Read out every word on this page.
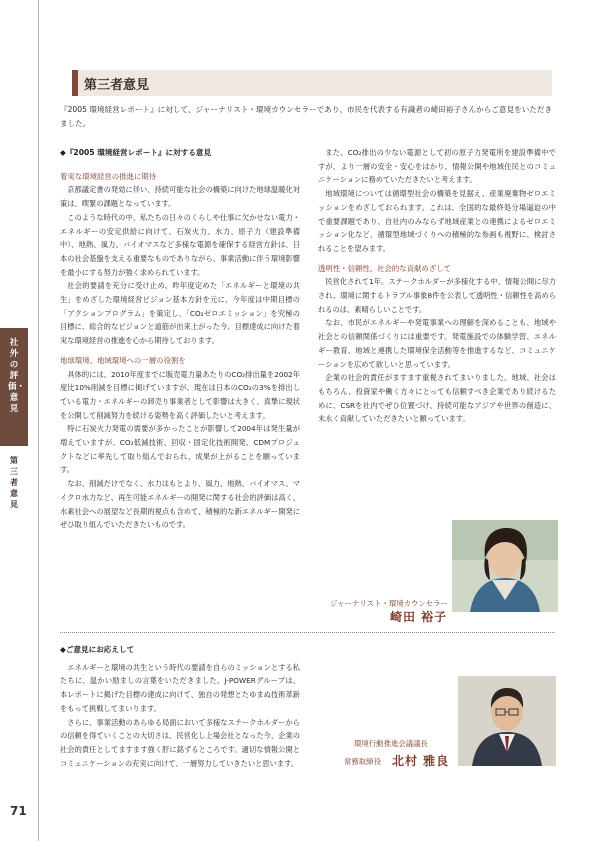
社外の評価・意見
第三者意見
71
第三者意見

『2005 環境経営レポート』に対して、ジャーナリスト・環境カウンセラーであり、市民を代表する有識者の崎田裕子さんからご意見をいただきました。

◆『2005 環境経営レポート』に対する意見

着実な環境経営の推進に期待

京都議定書の発効に伴い、持続可能な社会の構築に向けた地球温暖化対策は、喫緊の課題となっています。

このような時代の中、私たちの日々のくらしや仕事に欠かせない電力・エネルギーの安定供給に向けて、石炭火力、水力、原子力（建設準備中）、地熱、風力、バイオマスなど多様な電源を確保する経営方針は、日本の社会基盤を支える重要なものでありながら、事業活動に伴う環境影響を最小にする努力が強く求められています。

社会的要請を充分に受け止め、昨年度定めた「エネルギーと環境の共生」をめざした環境経営ビジョン基本方針を元に、今年度は中期目標の「アクションプログラム」を策定し、「CO₂ゼロエミッション」を究極の目標に、総合的なビジョンと道筋が出来上がった今、目標達成に向けた着実な環境経営の推進を心から期待しております。

地球環境、地域環境への一層の役割を

具体的には、2010年度までに販売電力量あたりのCO₂排出量を2002年度比10%削減を目標に掲げていますが、現在は日本のCO₂の3%を排出している電力・エネルギーの卸売り事業者として影響は大きく、真摯に現状を公開して削減努力を続ける姿勢を高く評価したいと考えます。

特に石炭火力発電の需要が多かったことが影響して2004年は発生量が増えていますが、CO₂低減技術、回収・固定化技術開発、CDMプロジェクトなどに率先して取り組んでおられ、成果が上がることを願っています。

なお、削減だけでなく、水力はもとより、風力、地熱、バイオマス、マイクロ水力など、再生可能エネルギーの開発に関する社会的評価は高く、水素社会への展望など長期的視点も含めて、積極的な新エネルギー開発にぜひ取り組んでいただきたいものです。

また、CO₂排出の少ない電源として初の原子力発電所を建設準備中ですが、より一層の安全・安心をはかり、情報公開や地域住民とのコミュニケーションに務めていただきたいと考えます。

地域環境については循環型社会の構築を見据え、産業廃棄物ゼロエミッションをめざしておられます。これは、全国的な最終処分場逼迫の中で重要課題であり、自社内のみならず地域産業との連携によるゼロエミッション化など、循環型地域づくりへの積極的な参画も視野に、検討されることを望みます。

透明性・信頼性、社会的な貢献めざして

民営化されて1年。ステークホルダーが多様化する中、情報公開に尽力され、環境に関するトラブル事象8件を公表して透明性・信頼性を高められるのは、素晴らしいことです。

なお、市民がエネルギーや発電事業への理解を深めることも、地域や社会との信頼関係づくりには重要です。発電施設での体験学習、エネルギー教育、地域と連携した環境保全活動等を推進するなど、コミュニケーションを広めて欲しいと思っています。

企業の社会的責任がますます重視されてまいりました。地域、社会はもちろん、投資家や働く方々にとっても信頼すべき企業であり続けるために、CSRを社内でぜひ位置づけ、持続可能なアジアや世界の創造に、未永く貢献していただきたいと願っています。

ジャーナリスト・環境カウンセラー
崎田 裕子
◆ご意見にお応えして

エネルギーと環境の共生という時代の要請を自らのミッションとする私たちに、温かい励ましの言葉をいただきました。J-POWERグループは、本レポートに掲げた目標の達成に向けて、独自の発想とたゆまぬ技術革新をもって挑戦してまいります。

さらに、事業活動のあらゆる局面において多様なステークホルダーからの信頼を得ていくことの大切さは、民営化し上場会社となった今、企業の社会的責任としてますます強く肝に銘ずるところです。適切な情報公開とコミュニケーションの充実に向けて、一層努力していきたいと思います。

環境行動推進会議議長
常務取締役 北村 雅良
